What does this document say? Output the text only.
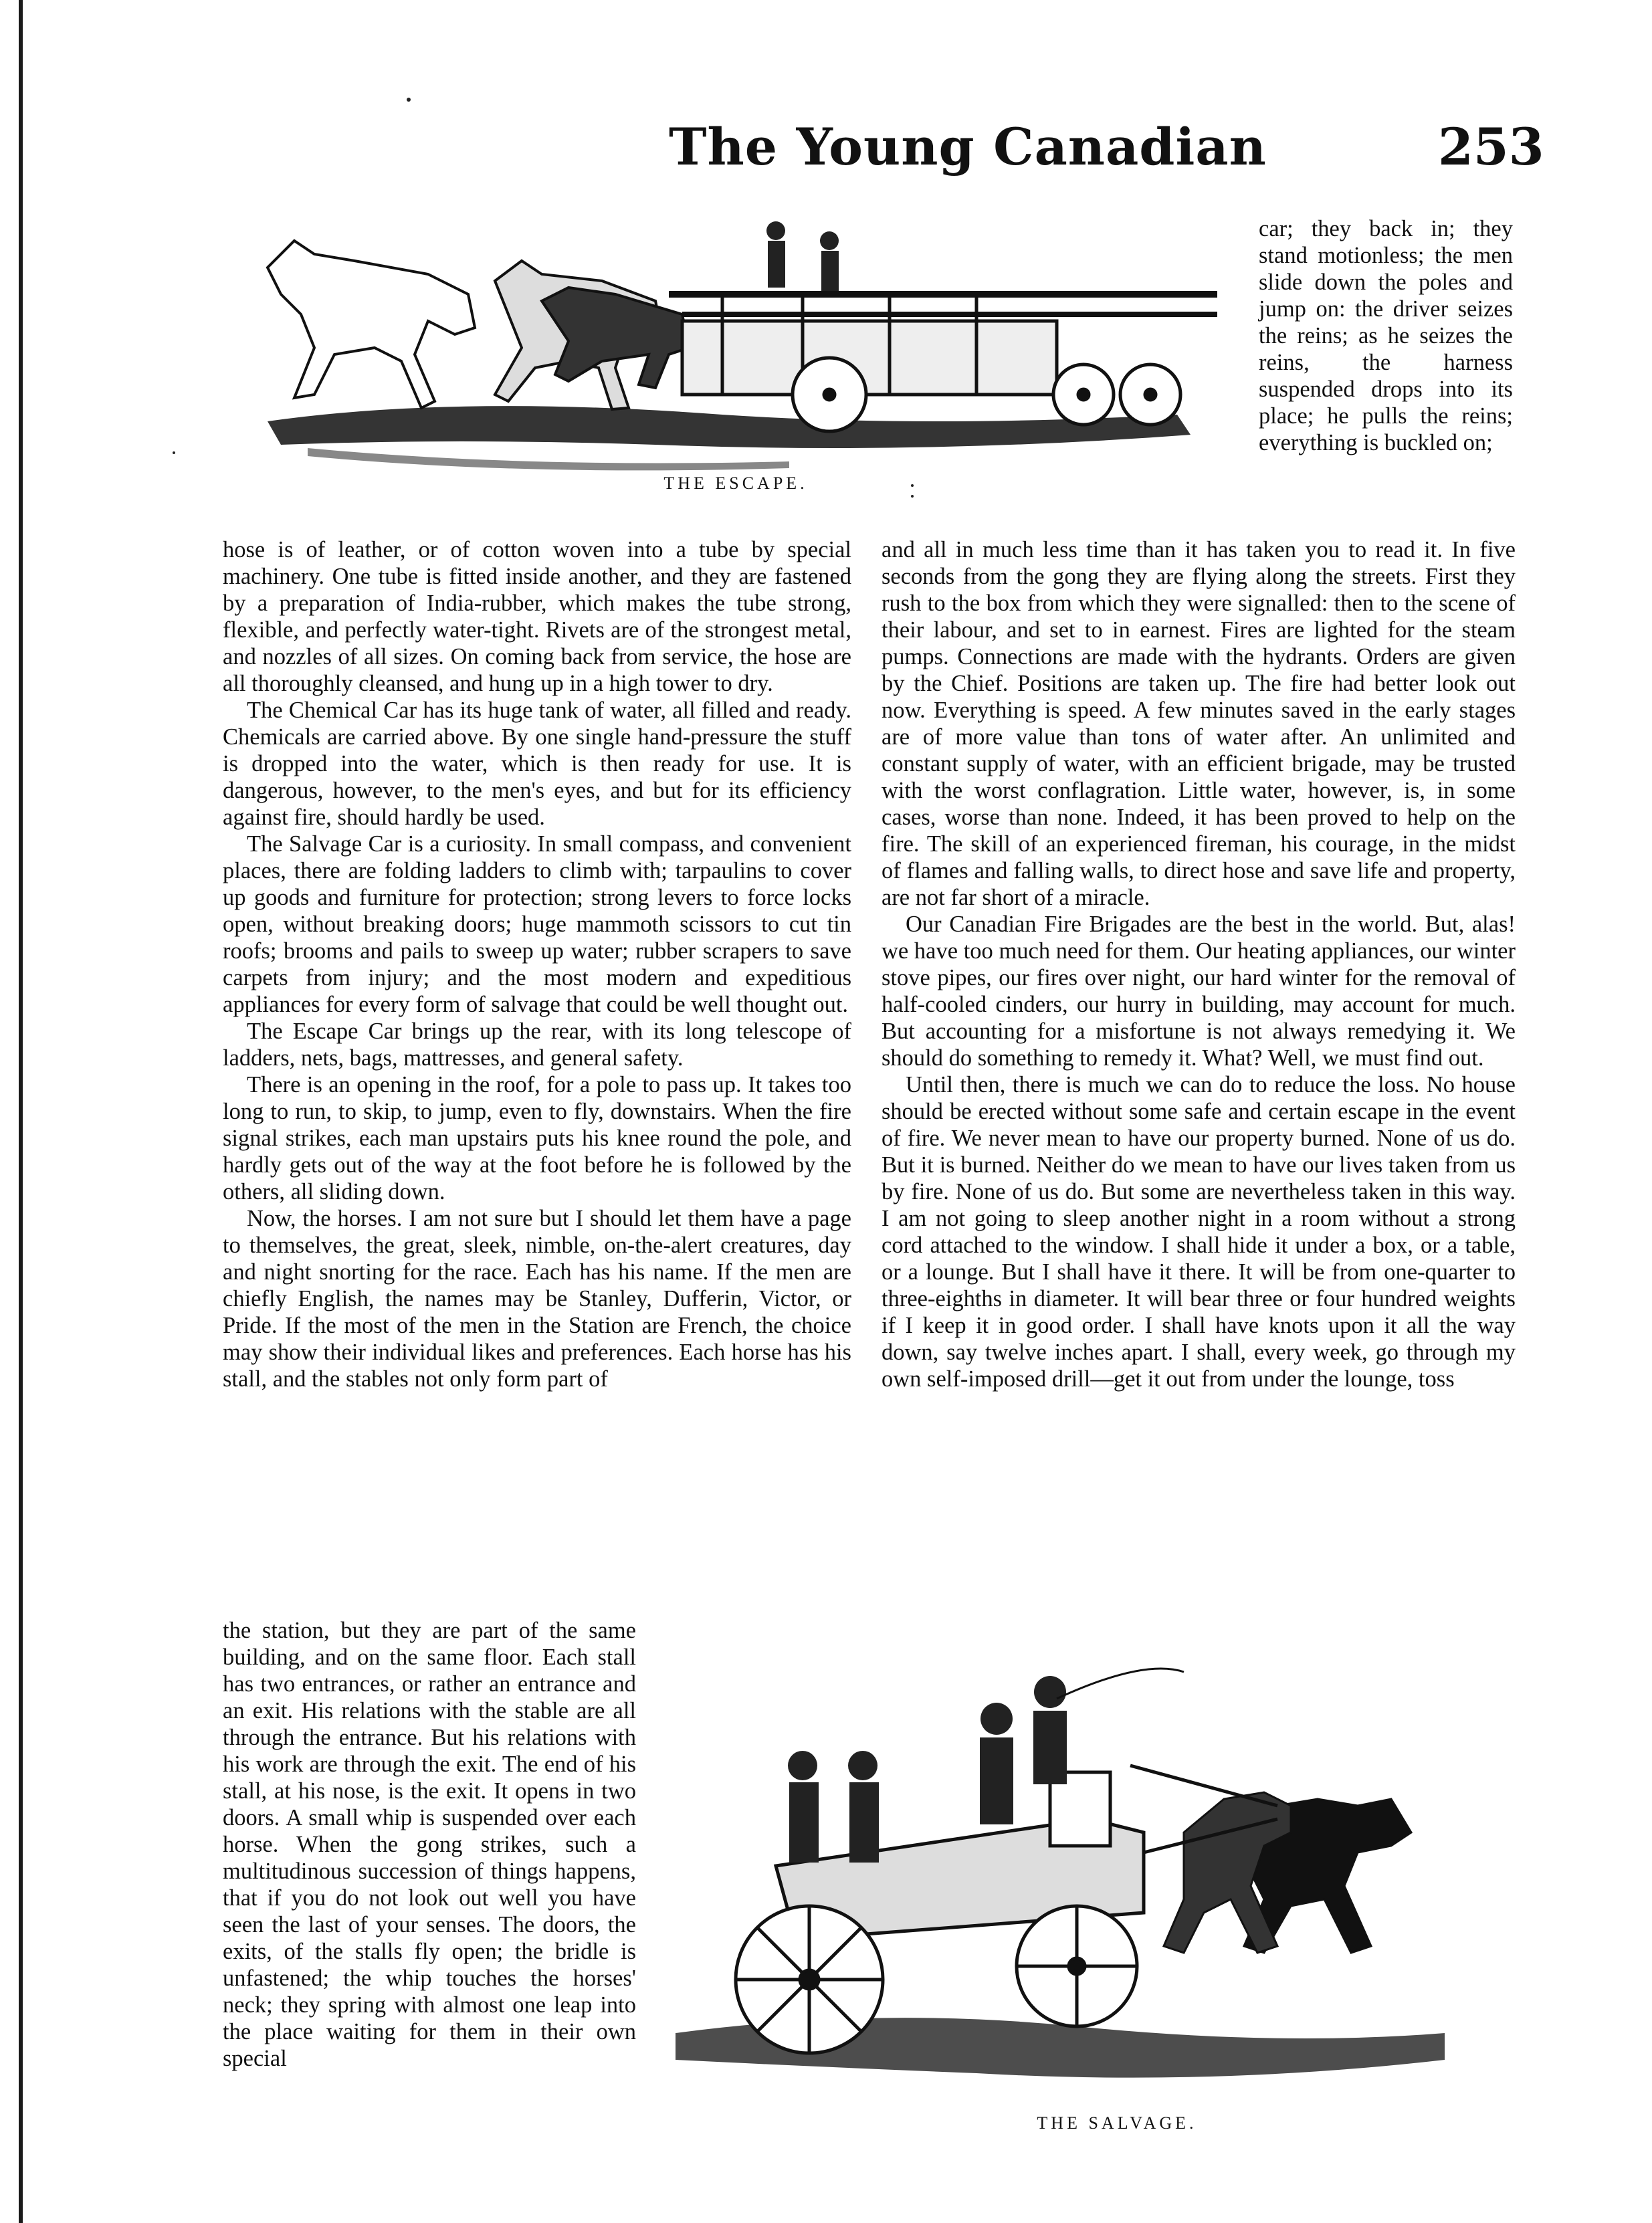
The Young Canadian	253
THE ESCAPE.

car; they back in; they stand motionless; the men slide down the poles and jump on: the driver seizes the reins; as he seizes the reins, the harness suspended drops into its place; he pulls the reins; everything is buckled on;

hose is of leather, or of cotton woven into a tube by special machinery. One tube is fitted inside another, and they are fastened by a preparation of India-rubber, which makes the tube strong, flexible, and perfectly water-tight. Rivets are of the strongest metal, and nozzles of all sizes. On coming back from service, the hose are all thoroughly cleansed, and hung up in a high tower to dry.

The Chemical Car has its huge tank of water, all filled and ready. Chemicals are carried above. By one single hand-pressure the stuff is dropped into the water, which is then ready for use. It is dangerous, however, to the men's eyes, and but for its efficiency against fire, should hardly be used.

The Salvage Car is a curiosity. In small compass, and convenient places, there are folding ladders to climb with; tarpaulins to cover up goods and furniture for protection; strong levers to force locks open, without breaking doors; huge mammoth scissors to cut tin roofs; brooms and pails to sweep up water; rubber scrapers to save carpets from injury; and the most modern and expeditious appliances for every form of salvage that could be well thought out.

The Escape Car brings up the rear, with its long telescope of ladders, nets, bags, mattresses, and general safety.

There is an opening in the roof, for a pole to pass up. It takes too long to run, to skip, to jump, even to fly, downstairs. When the fire signal strikes, each man upstairs puts his knee round the pole, and hardly gets out of the way at the foot before he is followed by the others, all sliding down.

Now, the horses. I am not sure but I should let them have a page to themselves, the great, sleek, nimble, on-the-alert creatures, day and night snorting for the race. Each has his name. If the men are chiefly English, the names may be Stanley, Dufferin, Victor, or Pride. If the most of the men in the Station are French, the choice may show their individual likes and preferences. Each horse has his stall, and the stables not only form part of

the station, but they are part of the same building, and on the same floor. Each stall has two entrances, or rather an entrance and an exit. His relations with the stable are all through the entrance. But his relations with his work are through the exit. The end of his stall, at his nose, is the exit. It opens in two doors. A small whip is suspended over each horse. When the gong strikes, such a multitudinous succession of things happens, that if you do not look out well you have seen the last of your senses. The doors, the exits, of the stalls fly open; the bridle is unfastened; the whip touches the horses' neck; they spring with almost one leap into the place waiting for them in their own special

and all in much less time than it has taken you to read it. In five seconds from the gong they are flying along the streets. First they rush to the box from which they were signalled: then to the scene of their labour, and set to in earnest. Fires are lighted for the steam pumps. Connections are made with the hydrants. Orders are given by the Chief. Positions are taken up. The fire had better look out now. Everything is speed. A few minutes saved in the early stages are of more value than tons of water after. An unlimited and constant supply of water, with an efficient brigade, may be trusted with the worst conflagration. Little water, however, is, in some cases, worse than none. Indeed, it has been proved to help on the fire. The skill of an experienced fireman, his courage, in the midst of flames and falling walls, to direct hose and save life and property, are not far short of a miracle.

Our Canadian Fire Brigades are the best in the world. But, alas! we have too much need for them. Our heating appliances, our winter stove pipes, our fires over night, our hard winter for the removal of half-cooled cinders, our hurry in building, may account for much. But accounting for a misfortune is not always remedying it. We should do something to remedy it. What? Well, we must find out.

Until then, there is much we can do to reduce the loss. No house should be erected without some safe and certain escape in the event of fire. We never mean to have our property burned. None of us do. But it is burned. Neither do we mean to have our lives taken from us by fire. None of us do. But some are nevertheless taken in this way. I am not going to sleep another night in a room without a strong cord attached to the window. I shall hide it under a box, or a table, or a lounge. But I shall have it there. It will be from one-quarter to three-eighths in diameter. It will bear three or four hundred weights if I keep it in good order. I shall have knots upon it all the way down, say twelve inches apart. I shall, every week, go through my own self-imposed drill—get it out from under the lounge, toss

THE SALVAGE.
